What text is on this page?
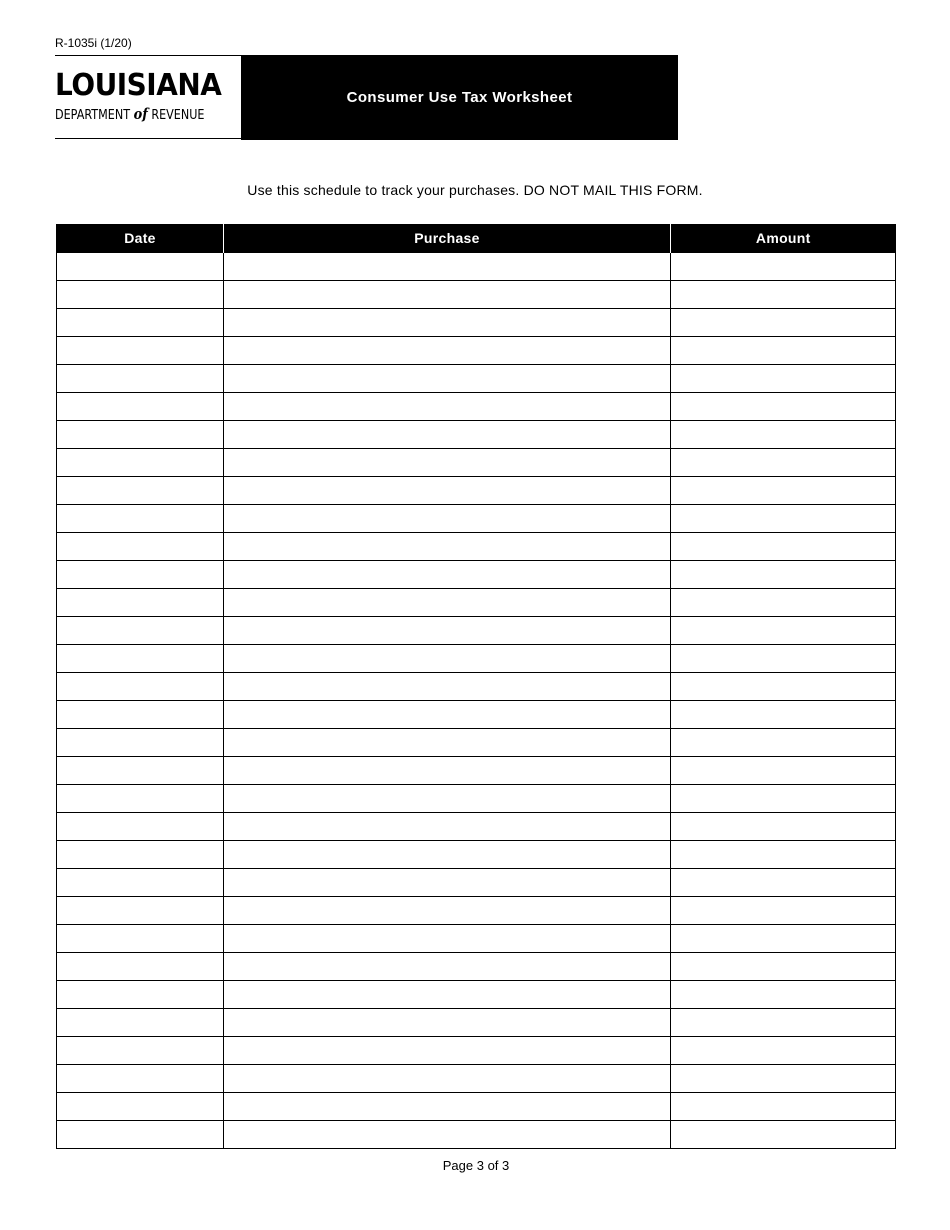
R-1035i (1/20)
LOUISIANA
DEPARTMENT of REVENUE
Consumer Use Tax Worksheet
Use this schedule to track your purchases. DO NOT MAIL THIS FORM.
Date	Purchase	Amount

Page 3 of 3
